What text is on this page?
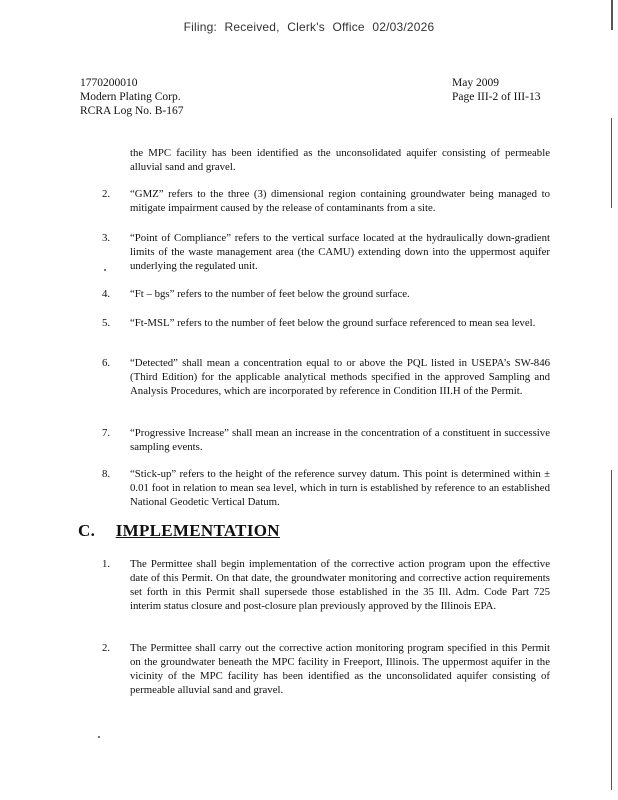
Filing: Received, Clerk's Office 02/03/2026
1770200010
Modern Plating Corp.
RCRA Log No. B-167
May 2009
Page III-2 of III-13
the MPC facility has been identified as the unconsolidated aquifer consisting of permeable alluvial sand and gravel.
2. “GMZ” refers to the three (3) dimensional region containing groundwater being managed to mitigate impairment caused by the release of contaminants from a site.
3. “Point of Compliance” refers to the vertical surface located at the hydraulically down-gradient limits of the waste management area (the CAMU) extending down into the uppermost aquifer underlying the regulated unit.
4. “Ft – bgs” refers to the number of feet below the ground surface.
5. “Ft-MSL” refers to the number of feet below the ground surface referenced to mean sea level.
6. “Detected” shall mean a concentration equal to or above the PQL listed in USEPA’s SW-846 (Third Edition) for the applicable analytical methods specified in the approved Sampling and Analysis Procedures, which are incorporated by reference in Condition III.H of the Permit.
7. “Progressive Increase” shall mean an increase in the concentration of a constituent in successive sampling events.
8. “Stick-up” refers to the height of the reference survey datum. This point is determined within ± 0.01 foot in relation to mean sea level, which in turn is established by reference to an established National Geodetic Vertical Datum.
C. IMPLEMENTATION
1. The Permittee shall begin implementation of the corrective action program upon the effective date of this Permit. On that date, the groundwater monitoring and corrective action requirements set forth in this Permit shall supersede those established in the 35 Ill. Adm. Code Part 725 interim status closure and post-closure plan previously approved by the Illinois EPA.
2. The Permittee shall carry out the corrective action monitoring program specified in this Permit on the groundwater beneath the MPC facility in Freeport, Illinois. The uppermost aquifer in the vicinity of the MPC facility has been identified as the unconsolidated aquifer consisting of permeable alluvial sand and gravel.
